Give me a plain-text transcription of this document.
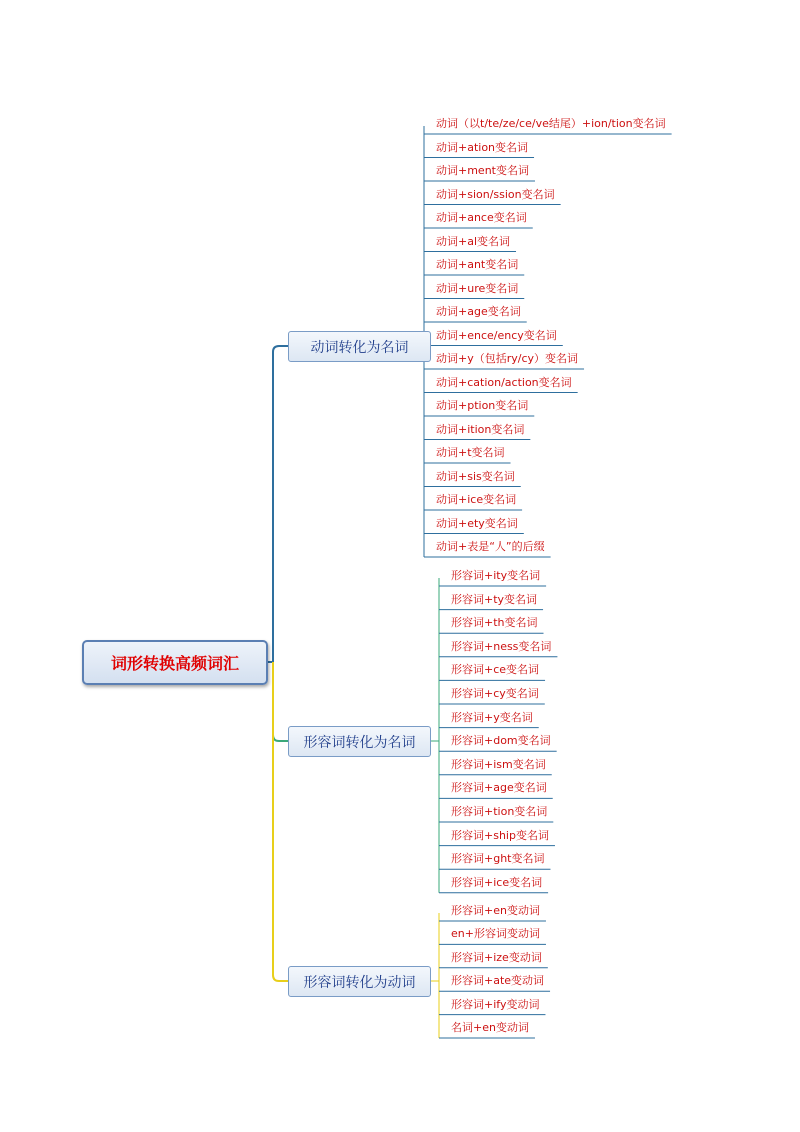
词形转换高频词汇
动词转化为名词
形容词转化为名词
形容词转化为动词
动词（以t/te/ze/ce/ve结尾）+ion/tion变名词
动词+ation变名词
动词+ment变名词
动词+sion/ssion变名词
动词+ance变名词
动词+al变名词
动词+ant变名词
动词+ure变名词
动词+age变名词
动词+ence/ency变名词
动词+y（包括ry/cy）变名词
动词+cation/action变名词
动词+ption变名词
动词+ition变名词
动词+t变名词
动词+sis变名词
动词+ice变名词
动词+ety变名词
动词+表是“人”的后缀
形容词+ity变名词
形容词+ty变名词
形容词+th变名词
形容词+ness变名词
形容词+ce变名词
形容词+cy变名词
形容词+y变名词
形容词+dom变名词
形容词+ism变名词
形容词+age变名词
形容词+tion变名词
形容词+ship变名词
形容词+ght变名词
形容词+ice变名词
形容词+en变动词
en+形容词变动词
形容词+ize变动词
形容词+ate变动词
形容词+ify变动词
名词+en变动词
